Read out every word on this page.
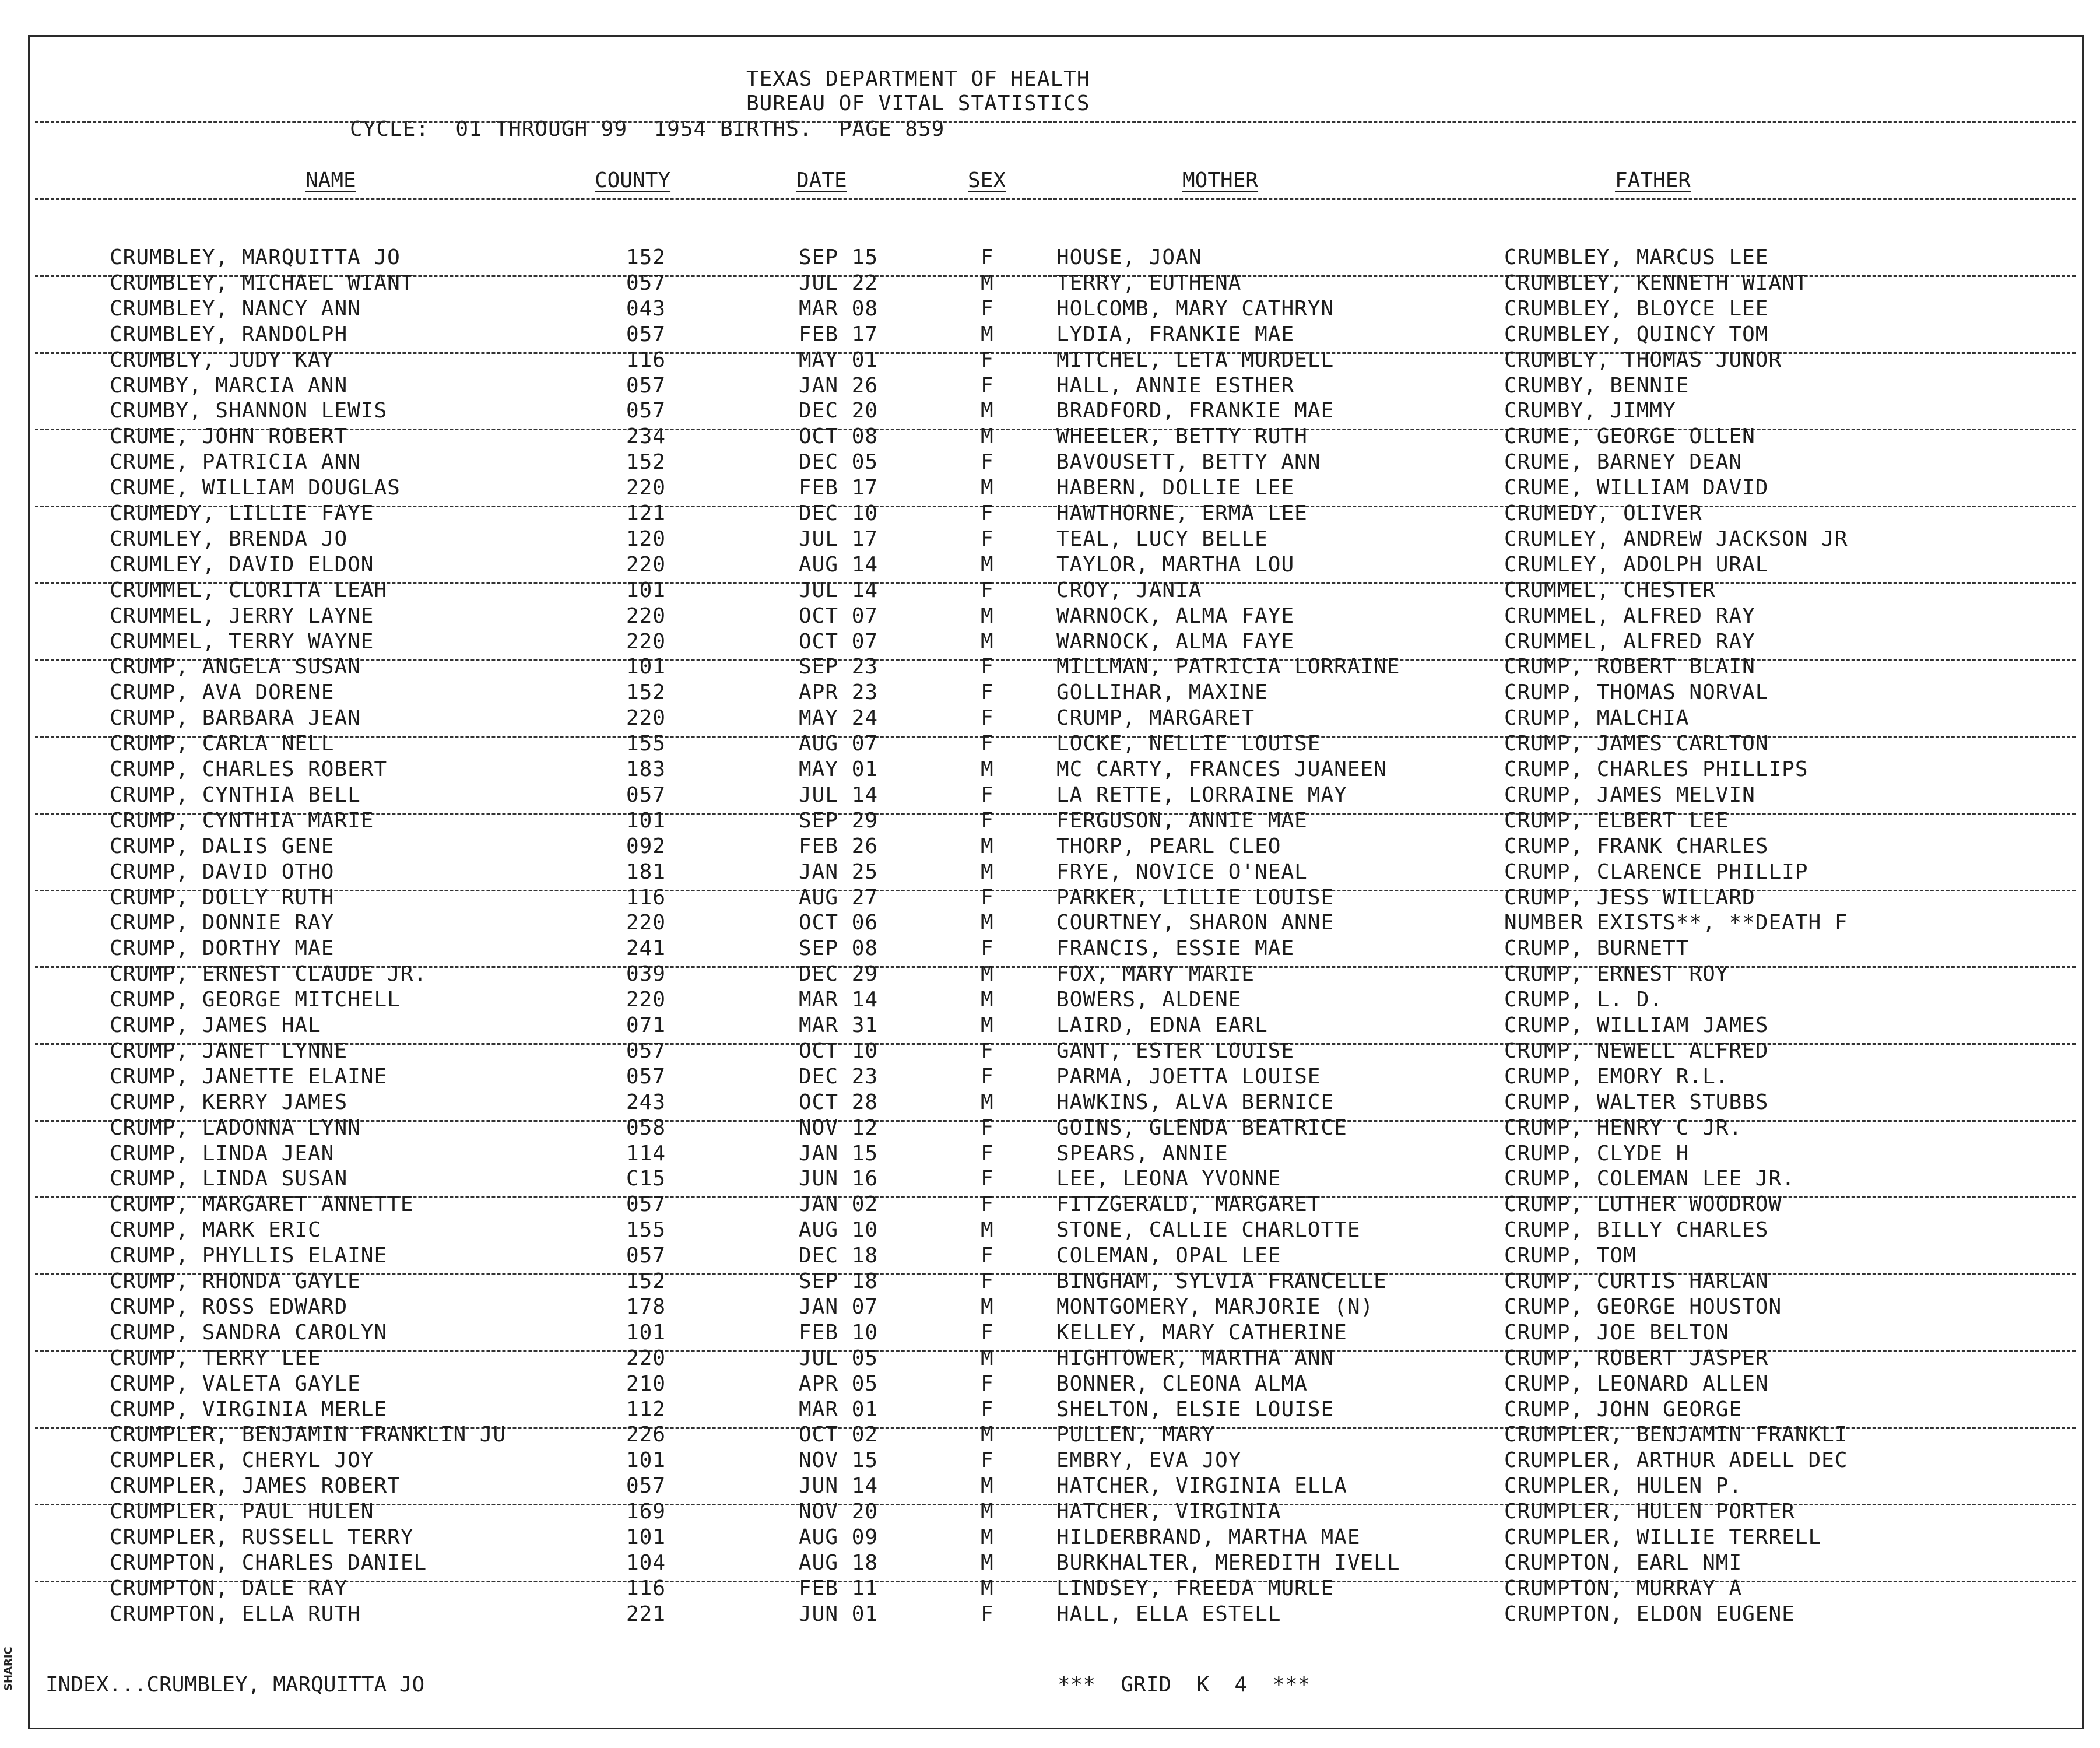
SHARIC
TEXAS DEPARTMENT OF HEALTH
BUREAU OF VITAL STATISTICS
CYCLE:  01 THROUGH 99  1954 BIRTHS.  PAGE 859
NAME	COUNTY	DATE	SEX	MOTHER	FATHER
CRUMBLEY, MARQUITTA JO	152	SEP 15	F	HOUSE, JOAN	CRUMBLEY, MARCUS LEE
CRUMBLEY, MICHAEL WIANT	057	JUL 22	M	TERRY, EUTHENA	CRUMBLEY, KENNETH WIANT
CRUMBLEY, NANCY ANN	043	MAR 08	F	HOLCOMB, MARY CATHRYN	CRUMBLEY, BLOYCE LEE
CRUMBLEY, RANDOLPH	057	FEB 17	M	LYDIA, FRANKIE MAE	CRUMBLEY, QUINCY TOM
CRUMBLY, JUDY KAY	116	MAY 01	F	MITCHEL, LETA MURDELL	CRUMBLY, THOMAS JUNOR
CRUMBY, MARCIA ANN	057	JAN 26	F	HALL, ANNIE ESTHER	CRUMBY, BENNIE
CRUMBY, SHANNON LEWIS	057	DEC 20	M	BRADFORD, FRANKIE MAE	CRUMBY, JIMMY
CRUME, JOHN ROBERT	234	OCT 08	M	WHEELER, BETTY RUTH	CRUME, GEORGE OLLEN
CRUME, PATRICIA ANN	152	DEC 05	F	BAVOUSETT, BETTY ANN	CRUME, BARNEY DEAN
CRUME, WILLIAM DOUGLAS	220	FEB 17	M	HABERN, DOLLIE LEE	CRUME, WILLIAM DAVID
CRUMEDY, LILLIE FAYE	121	DEC 10	F	HAWTHORNE, ERMA LEE	CRUMEDY, OLIVER
CRUMLEY, BRENDA JO	120	JUL 17	F	TEAL, LUCY BELLE	CRUMLEY, ANDREW JACKSON JR
CRUMLEY, DAVID ELDON	220	AUG 14	M	TAYLOR, MARTHA LOU	CRUMLEY, ADOLPH URAL
CRUMMEL, CLORITA LEAH	101	JUL 14	F	CROY, JANIA	CRUMMEL, CHESTER
CRUMMEL, JERRY LAYNE	220	OCT 07	M	WARNOCK, ALMA FAYE	CRUMMEL, ALFRED RAY
CRUMMEL, TERRY WAYNE	220	OCT 07	M	WARNOCK, ALMA FAYE	CRUMMEL, ALFRED RAY
CRUMP, ANGELA SUSAN	101	SEP 23	F	MILLMAN, PATRICIA LORRAINE	CRUMP, ROBERT BLAIN
CRUMP, AVA DORENE	152	APR 23	F	GOLLIHAR, MAXINE	CRUMP, THOMAS NORVAL
CRUMP, BARBARA JEAN	220	MAY 24	F	CRUMP, MARGARET	CRUMP, MALCHIA
CRUMP, CARLA NELL	155	AUG 07	F	LOCKE, NELLIE LOUISE	CRUMP, JAMES CARLTON
CRUMP, CHARLES ROBERT	183	MAY 01	M	MC CARTY, FRANCES JUANEEN	CRUMP, CHARLES PHILLIPS
CRUMP, CYNTHIA BELL	057	JUL 14	F	LA RETTE, LORRAINE MAY	CRUMP, JAMES MELVIN
CRUMP, CYNTHIA MARIE	101	SEP 29	F	FERGUSON, ANNIE MAE	CRUMP, ELBERT LEE
CRUMP, DALIS GENE	092	FEB 26	M	THORP, PEARL CLEO	CRUMP, FRANK CHARLES
CRUMP, DAVID OTHO	181	JAN 25	M	FRYE, NOVICE O'NEAL	CRUMP, CLARENCE PHILLIP
CRUMP, DOLLY RUTH	116	AUG 27	F	PARKER, LILLIE LOUISE	CRUMP, JESS WILLARD
CRUMP, DONNIE RAY	220	OCT 06	M	COURTNEY, SHARON ANNE	NUMBER EXISTS**, **DEATH F
CRUMP, DORTHY MAE	241	SEP 08	F	FRANCIS, ESSIE MAE	CRUMP, BURNETT
CRUMP, ERNEST CLAUDE JR.	039	DEC 29	M	FOX, MARY MARIE	CRUMP, ERNEST ROY
CRUMP, GEORGE MITCHELL	220	MAR 14	M	BOWERS, ALDENE	CRUMP, L. D.
CRUMP, JAMES HAL	071	MAR 31	M	LAIRD, EDNA EARL	CRUMP, WILLIAM JAMES
CRUMP, JANET LYNNE	057	OCT 10	F	GANT, ESTER LOUISE	CRUMP, NEWELL ALFRED
CRUMP, JANETTE ELAINE	057	DEC 23	F	PARMA, JOETTA LOUISE	CRUMP, EMORY R.L.
CRUMP, KERRY JAMES	243	OCT 28	M	HAWKINS, ALVA BERNICE	CRUMP, WALTER STUBBS
CRUMP, LADONNA LYNN	058	NOV 12	F	GOINS, GLENDA BEATRICE	CRUMP, HENRY C JR.
CRUMP, LINDA JEAN	114	JAN 15	F	SPEARS, ANNIE	CRUMP, CLYDE H
CRUMP, LINDA SUSAN	C15	JUN 16	F	LEE, LEONA YVONNE	CRUMP, COLEMAN LEE JR.
CRUMP, MARGARET ANNETTE	057	JAN 02	F	FITZGERALD, MARGARET	CRUMP, LUTHER WOODROW
CRUMP, MARK ERIC	155	AUG 10	M	STONE, CALLIE CHARLOTTE	CRUMP, BILLY CHARLES
CRUMP, PHYLLIS ELAINE	057	DEC 18	F	COLEMAN, OPAL LEE	CRUMP, TOM
CRUMP, RHONDA GAYLE	152	SEP 18	F	BINGHAM, SYLVIA FRANCELLE	CRUMP, CURTIS HARLAN
CRUMP, ROSS EDWARD	178	JAN 07	M	MONTGOMERY, MARJORIE (N)	CRUMP, GEORGE HOUSTON
CRUMP, SANDRA CAROLYN	101	FEB 10	F	KELLEY, MARY CATHERINE	CRUMP, JOE BELTON
CRUMP, TERRY LEE	220	JUL 05	M	HIGHTOWER, MARTHA ANN	CRUMP, ROBERT JASPER
CRUMP, VALETA GAYLE	210	APR 05	F	BONNER, CLEONA ALMA	CRUMP, LEONARD ALLEN
CRUMP, VIRGINIA MERLE	112	MAR 01	F	SHELTON, ELSIE LOUISE	CRUMP, JOHN GEORGE
CRUMPLER, BENJAMIN FRANKLIN JU	226	OCT 02	M	PULLEN, MARY	CRUMPLER, BENJAMIN FRANKLI
CRUMPLER, CHERYL JOY	101	NOV 15	F	EMBRY, EVA JOY	CRUMPLER, ARTHUR ADELL DEC
CRUMPLER, JAMES ROBERT	057	JUN 14	M	HATCHER, VIRGINIA ELLA	CRUMPLER, HULEN P.
CRUMPLER, PAUL HULEN	169	NOV 20	M	HATCHER, VIRGINIA	CRUMPLER, HULEN PORTER
CRUMPLER, RUSSELL TERRY	101	AUG 09	M	HILDERBRAND, MARTHA MAE	CRUMPLER, WILLIE TERRELL
CRUMPTON, CHARLES DANIEL	104	AUG 18	M	BURKHALTER, MEREDITH IVELL	CRUMPTON, EARL NMI
CRUMPTON, DALE RAY	116	FEB 11	M	LINDSEY, FREEDA MURLE	CRUMPTON, MURRAY A
CRUMPTON, ELLA RUTH	221	JUN 01	F	HALL, ELLA ESTELL	CRUMPTON, ELDON EUGENE
INDEX...CRUMBLEY, MARQUITTA JO	***  GRID  K  4  ***
